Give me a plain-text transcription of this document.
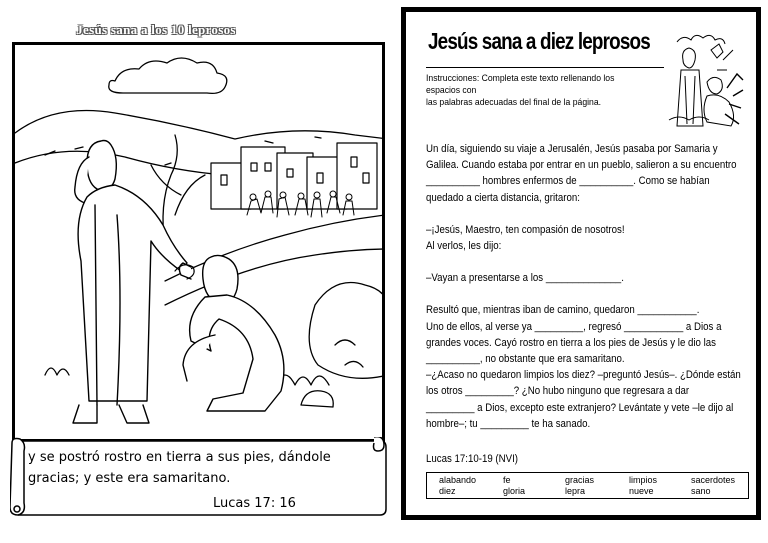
Jesús sana a los 10 leprosos
y se postró rostro en tierra a sus pies, dándole gracias; y este era samaritano.
Lucas 17: 16
Jesús sana a diez leprosos
Instrucciones: Completa este texto rellenando los espacios con
las palabras adecuadas del final de la página.

Un día, siguiendo su viaje a Jerusalén, Jesús pasaba por Samaria y

Galilea. Cuando estaba por entrar en un pueblo, salieron a su encuentro

__________ hombres enfermos de __________. Como se habían

quedado a cierta distancia, gritaron:

–¡Jesús, Maestro, ten compasión de nosotros!

Al verlos, les dijo:

–Vayan a presentarse a los ______________.

Resultó que, mientras iban de camino, quedaron ___________.

Uno de ellos, al verse ya _________, regresó ___________ a Dios a

grandes voces. Cayó rostro en tierra a los pies de Jesús y le dio las

__________, no obstante que era samaritano.

–¿Acaso no quedaron limpios los diez? –preguntó Jesús–. ¿Dónde están

los otros _________? ¿No hubo ninguno que regresara a dar

_________ a Dios, excepto este extranjero? Levántate y vete –le dijo al

hombre–; tu _________ te ha sanado.

Lucas 17:10-19 (NVI)
alabando	fe	gracias	limpios	sacerdotes
diez	gloria	lepra	nueve	sano
